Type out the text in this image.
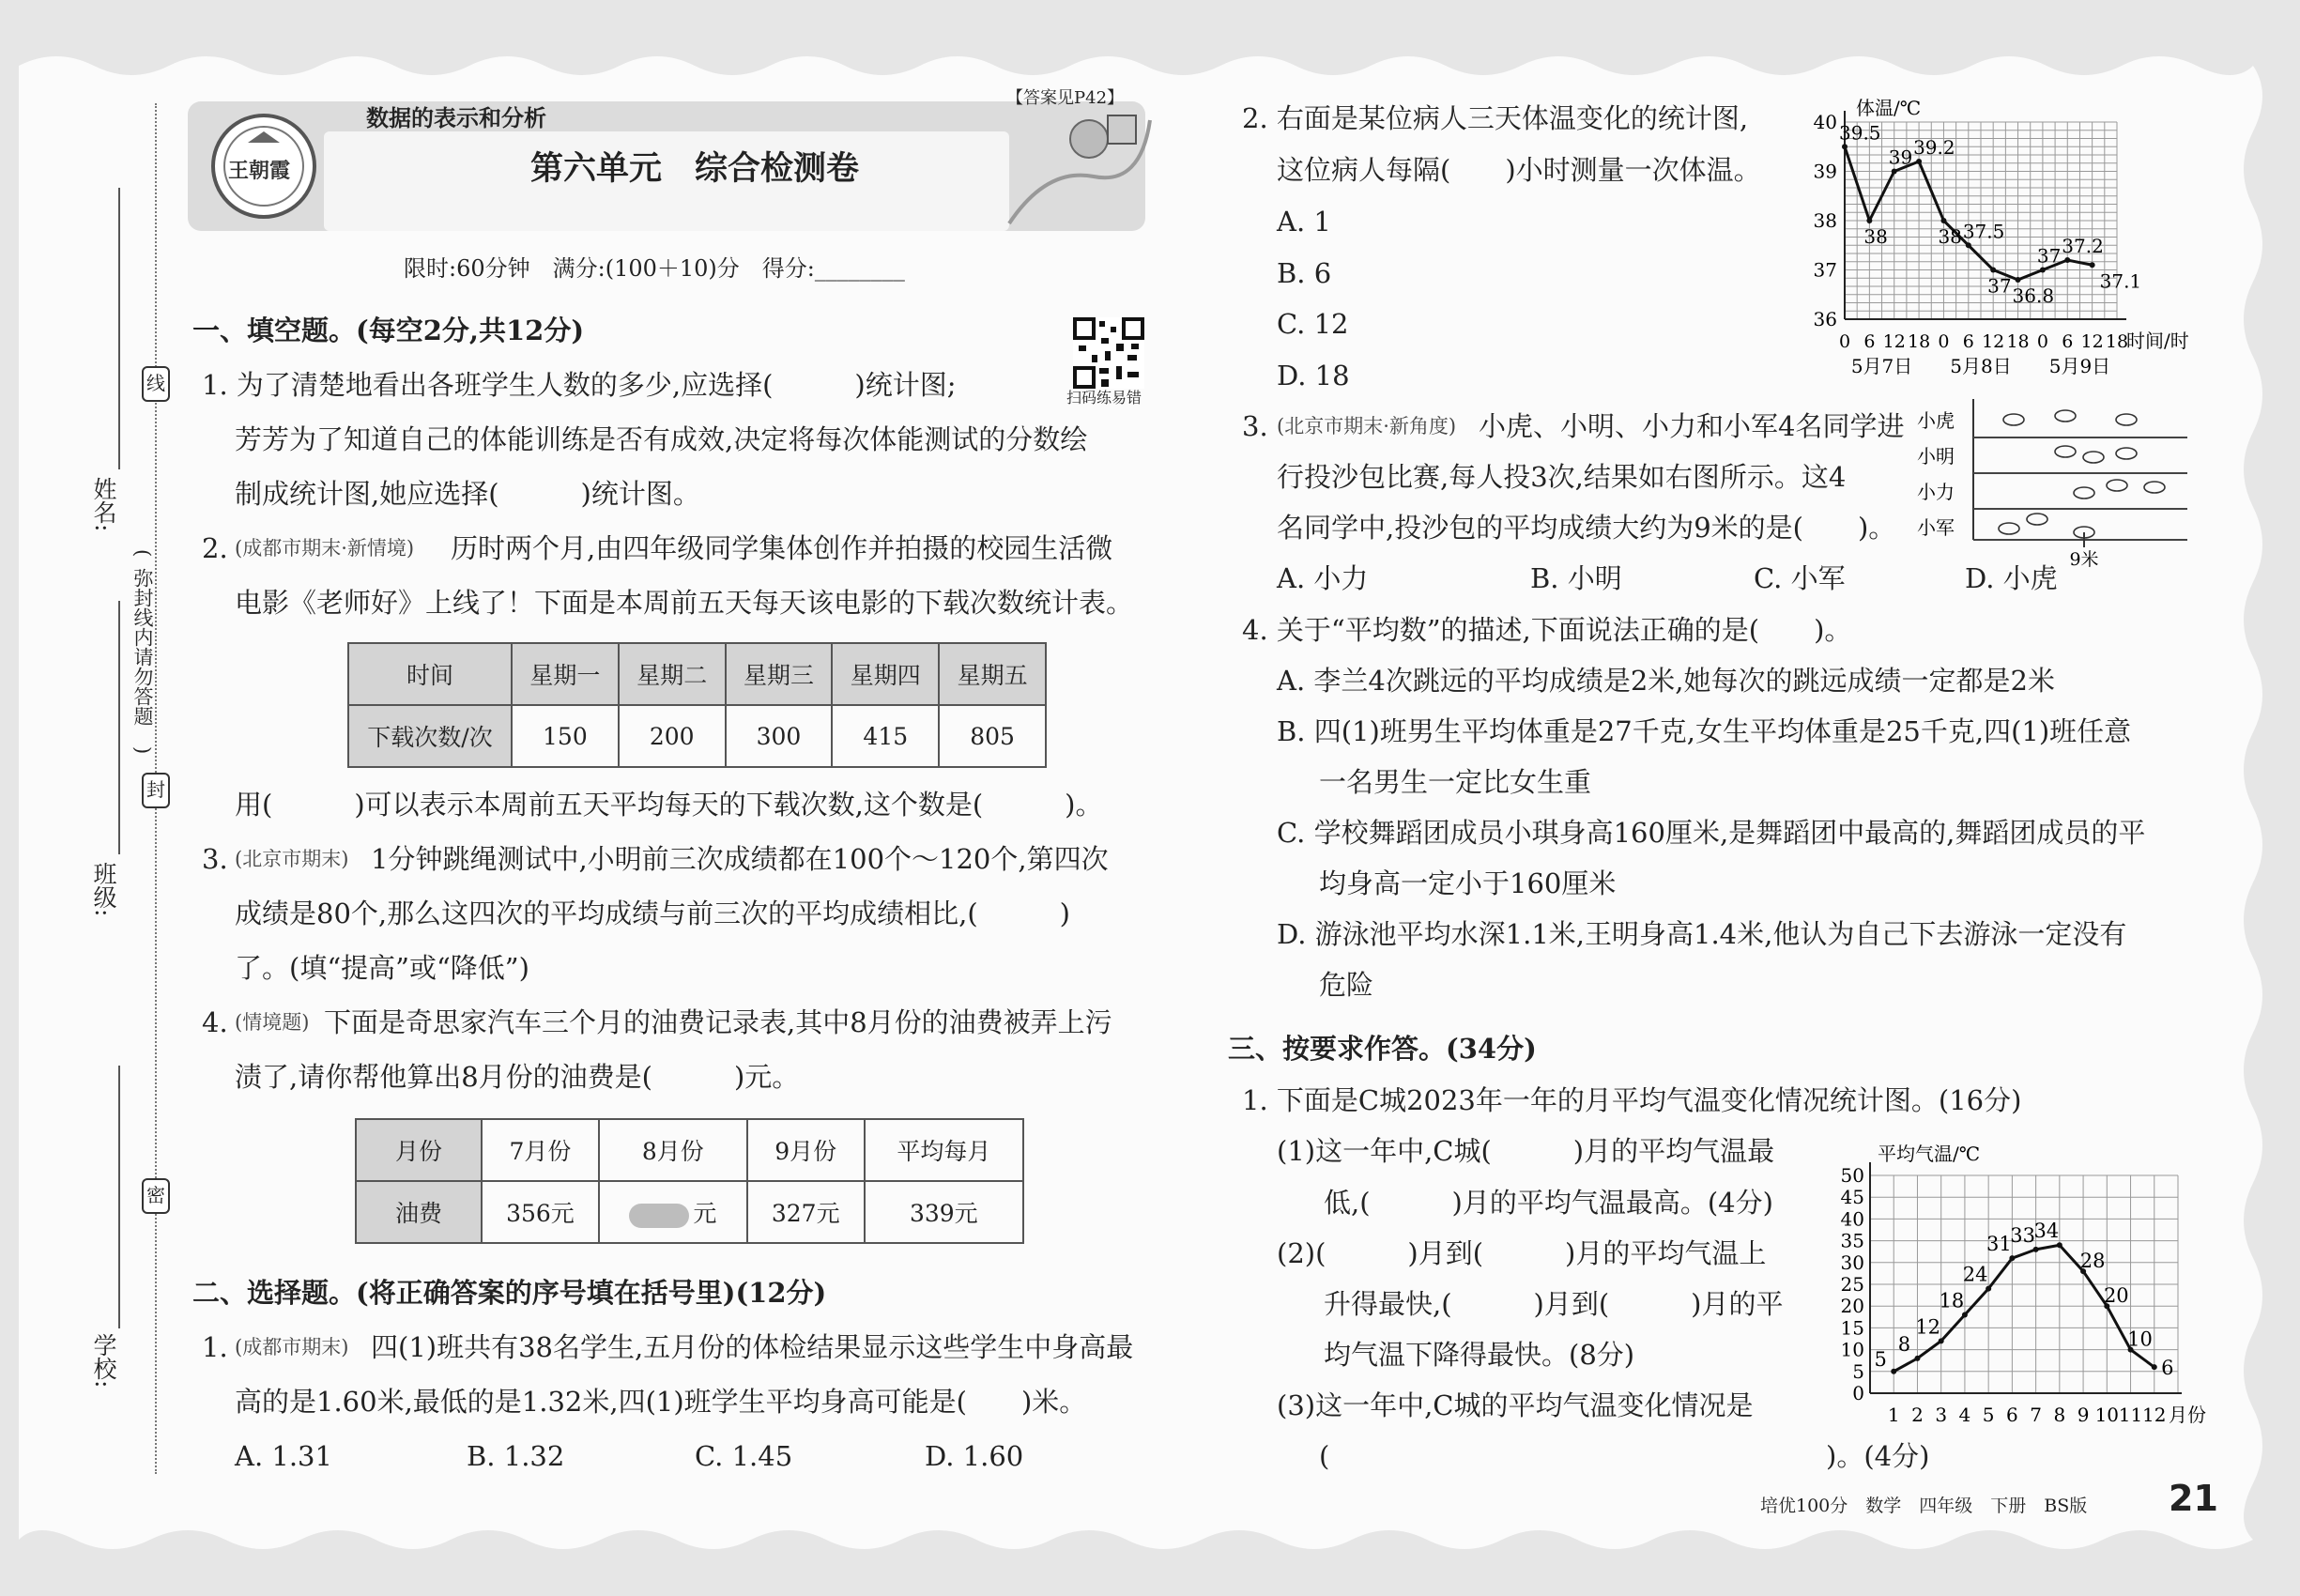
姓名:
班级:
学校:
(
弥封线内请勿答题
)
线
封
密
王朝霞
数据的表示和分析
【答案见P42】
第六单元　综合检测卷
限时:60分钟　满分:(100＋10)分　得分:________
扫码练易错
一、填空题。(每空2分,共12分)
1. 为了清楚地看出各班学生人数的多少,应选择(　　　)统计图;
芳芳为了知道自己的体能训练是否有成效,决定将每次体能测试的分数绘
制成统计图,她应选择(　　　)统计图。
2. (成都市期末·新情境) 历时两个月,由四年级同学集体创作并拍摄的校园生活微
电影《老师好》上线了！下面是本周前五天每天该电影的下载次数统计表。
时间	星期一	星期二	星期三	星期四	星期五
下载次数/次	150	200	300	415	805
用(　　　)可以表示本周前五天平均每天的下载次数,这个数是(　　　)。
3. (北京市期末) 1分钟跳绳测试中,小明前三次成绩都在100个～120个,第四次
成绩是80个,那么这四次的平均成绩与前三次的平均成绩相比,(　　　)
了。(填“提高”或“降低”)
4. (情境题) 下面是奇思家汽车三个月的油费记录表,其中8月份的油费被弄上污
渍了,请你帮他算出8月份的油费是(　　　)元。
月份	7月份	8月份	9月份	平均每月
油费	356元	元	327元	339元
二、选择题。(将正确答案的序号填在括号里)(12分)
1. (成都市期末) 四(1)班共有38名学生,五月份的体检结果显示这些学生中身高最
高的是1.60米,最低的是1.32米,四(1)班学生平均身高可能是(　　)米。
A. 1.31	B. 1.32	C. 1.45	D. 1.60
2. 右面是某位病人三天体温变化的统计图,
这位病人每隔(　　)小时测量一次体温。
A. 1
B. 6
C. 12
D. 18
体温/℃
36
37
38
39
40
0 6 12 18 0 6 12 18 0 6 12 18
时间/时
5月7日 5月8日 5月9日
39.5
38
39 39.2
38 37.5
37 36.8
37 37.2
37.1
3. (北京市期末·新角度) 小虎、小明、小力和小军4名同学进
行投沙包比赛,每人投3次,结果如右图所示。这4
名同学中,投沙包的平均成绩大约为9米的是(　　)。
小虎
小明
小力
小军
9米
A. 小力	B. 小明	C. 小军	D. 小虎
4. 关于“平均数”的描述,下面说法正确的是(　　)。
A. 李兰4次跳远的平均成绩是2米,她每次的跳远成绩一定都是2米
B. 四(1)班男生平均体重是27千克,女生平均体重是25千克,四(1)班任意
一名男生一定比女生重
C. 学校舞蹈团成员小琪身高160厘米,是舞蹈团中最高的,舞蹈团成员的平
均身高一定小于160厘米
D. 游泳池平均水深1.1米,王明身高1.4米,他认为自己下去游泳一定没有
危险
三、按要求作答。(34分)
1. 下面是C城2023年一年的月平均气温变化情况统计图。(16分)
(1)这一年中,C城(　　　)月的平均气温最
低,(　　　)月的平均气温最高。(4分)
(2)(　　　)月到(　　　)月的平均气温上
升得最快,(　　　)月到(　　　)月的平
均气温下降得最快。(8分)
(3)这一年中,C城的平均气温变化情况是
(	)。(4分)
平均气温/℃
0
5
10
15
20
25
30
35
40
45
50
1 2 3 4 5 6 7 8 9 10 11 12 月份
5
8
12
18
24
31
33
34
28
20
10
6
培优100分　数学　四年级　下册　BS版 21
